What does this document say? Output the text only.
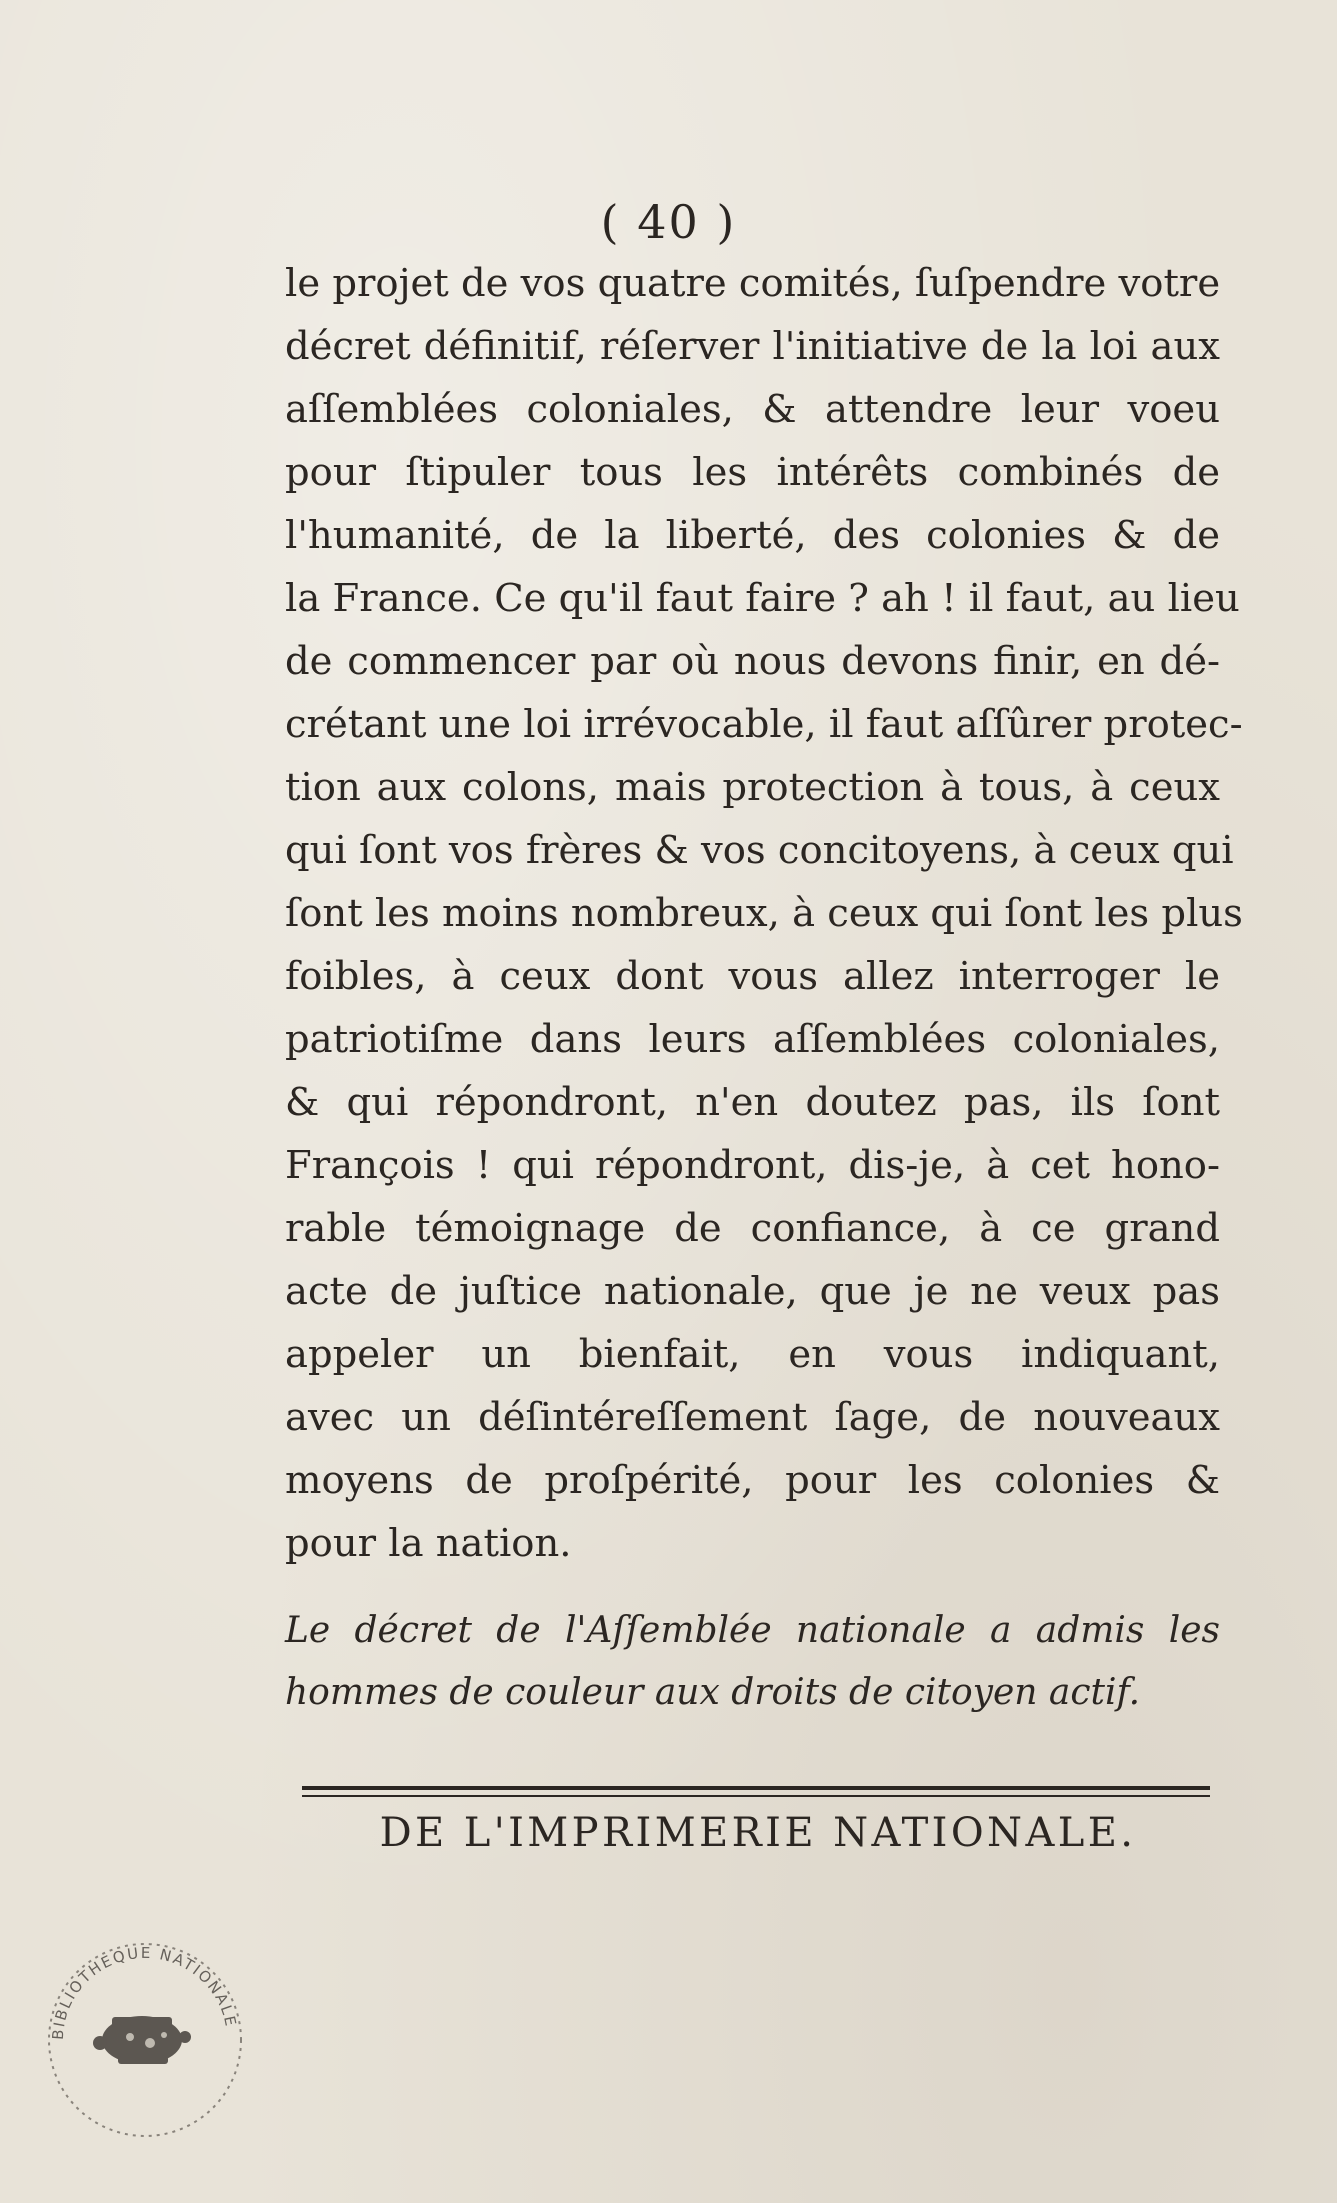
( 40 )
le projet de vos quatre comités, ſuſpendre votre
décret définitif, réſerver l'initiative de la loi aux
aſſemblées coloniales, & attendre leur voeu
pour ſtipuler tous les intérêts combinés de
l'humanité, de la liberté, des colonies & de
la France. Ce qu'il faut faire ? ah ! il faut, au lieu
de commencer par où nous devons finir, en dé-
crétant une loi irrévocable, il faut aſſûrer protec-
tion aux colons, mais protection à tous, à ceux
qui ſont vos frères & vos concitoyens, à ceux qui
ſont les moins nombreux, à ceux qui ſont les plus
foibles, à ceux dont vous allez interroger le
patriotiſme dans leurs aſſemblées coloniales,
& qui répondront, n'en doutez pas, ils ſont
François ! qui répondront, dis-je, à cet hono-
rable témoignage de confiance, à ce grand
acte de juſtice nationale, que je ne veux pas
appeler un bienfait, en vous indiquant,
avec un déſintéreſſement ſage, de nouveaux
moyens de proſpérité, pour les colonies &
pour la nation.
Le décret de l'Aſſemblée nationale a admis les
hommes de couleur aux droits de citoyen actif.
DE L'IMPRIMERIE NATIONALE.
BIBLIOTHEQUE NATIONALE
